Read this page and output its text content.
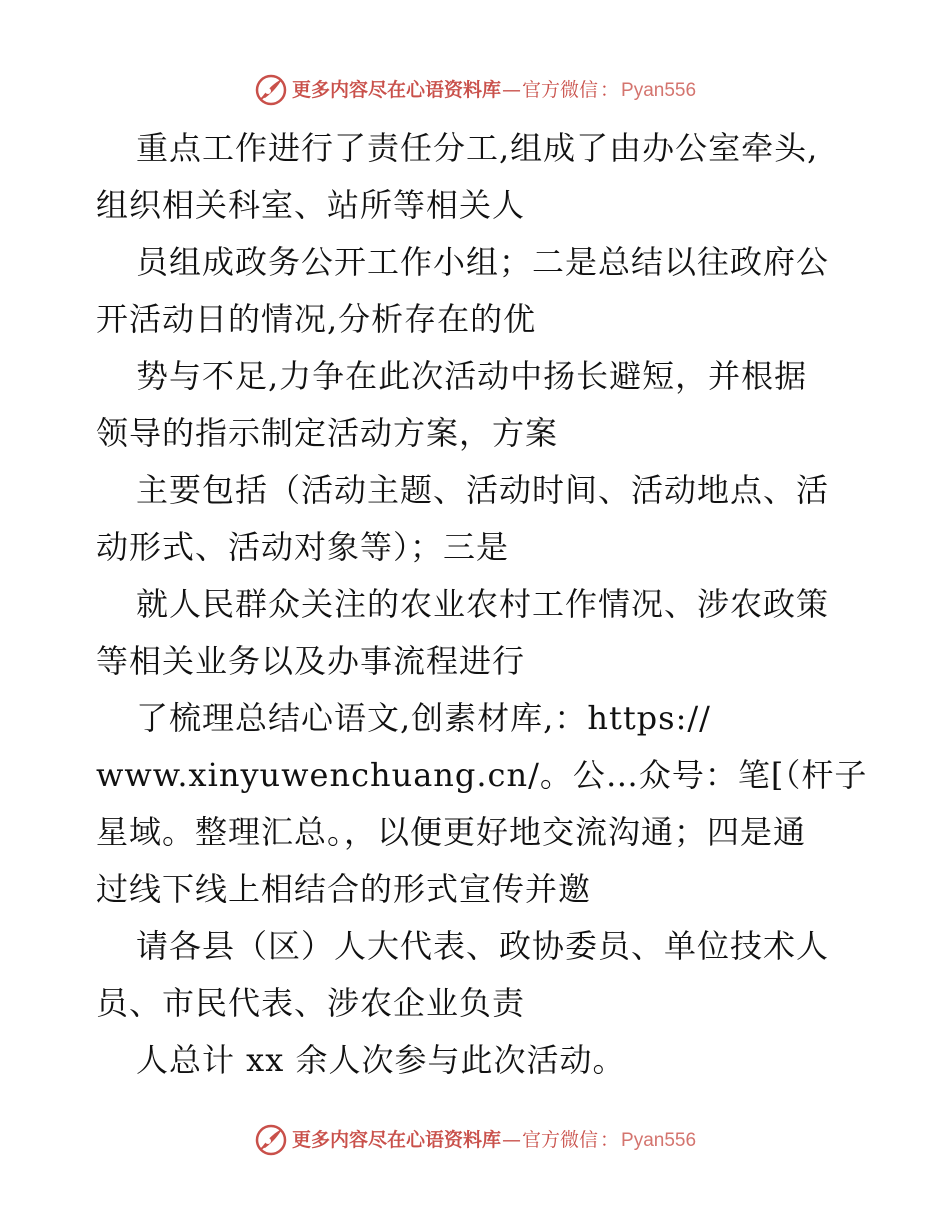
更多内容尽在心语资料库 — 官方微信 ： Pyan556
重点工作进行了责任分工,组成了由办公室牵头,
组织相关科室、站所等相关人
员组成政务公开工作小组；二是总结以往政府公
开活动日的情况,分析存在的优
势与不足,力争在此次活动中扬长避短，并根据
领导的指示制定活动方案，方案
主要包括（活动主题、活动时间、活动地点、活
动形式、活动对象等）；三是
就人民群众关注的农业农村工作情况、涉农政策
等相关业务以及办事流程进行
了梳理总结心语文,创素材库,：https://
www.xinyuwenchuang.cn/。公…众号：笔[（杆子
星域。整理汇总。，以便更好地交流沟通；四是通
过线下线上相结合的形式宣传并邀
请各县（区）人大代表、政协委员、单位技术人
员、市民代表、涉农企业负责
人总计 xx 余人次参与此次活动。
更多内容尽在心语资料库 — 官方微信 ： Pyan556
